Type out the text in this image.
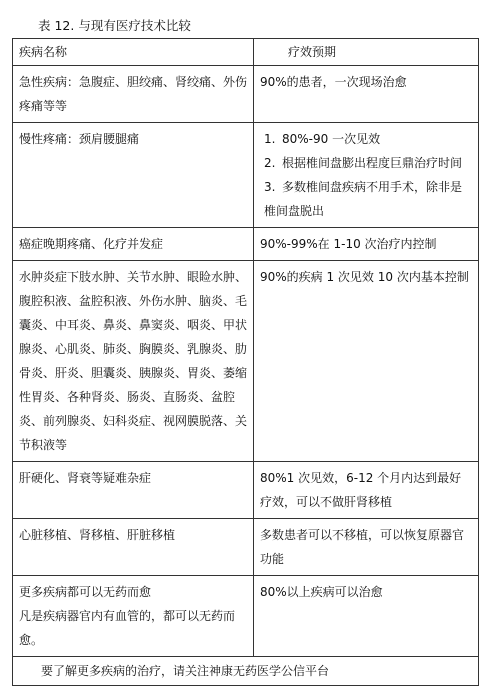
表 12. 与现有医疗技术比较
疾病名称	疗效预期
急性疾病：急腹症、胆绞痛、肾绞痛、外伤疼痛等等	90%的患者，一次现场治愈
慢性疼痛：颈肩腰腿痛	1. 80%-90 一次见效
2. 根据椎间盘膨出程度巨鼎治疗时间
3. 多数椎间盘疾病不用手术，除非是椎间盘脱出

癌症晚期疼痛、化疗并发症	90%-99%在 1-10 次治疗内控制
水肿炎症下肢水肿、关节水肿、眼睑水肿、腹腔积液、盆腔积液、外伤水肿、脑炎、毛囊炎、中耳炎、鼻炎、鼻窦炎、咽炎、甲状腺炎、心肌炎、肺炎、胸膜炎、乳腺炎、肋骨炎、肝炎、胆囊炎、胰腺炎、胃炎、萎缩性胃炎、各种肾炎、肠炎、直肠炎、盆腔炎、前列腺炎、妇科炎症、视网膜脱落、关节积液等	90%的疾病 1 次见效 10 次内基本控制
肝硬化、肾衰等疑难杂症	80%1 次见效，6-12 个月内达到最好疗效，可以不做肝肾移植
心脏移植、肾移植、肝脏移植	多数患者可以不移植，可以恢复原器官功能

更多疾病都可以无药而愈
凡是疾病器官内有血管的，都可以无药而愈。	80%以上疾病可以治愈
要了解更多疾病的治疗，请关注神康无药医学公信平台	
